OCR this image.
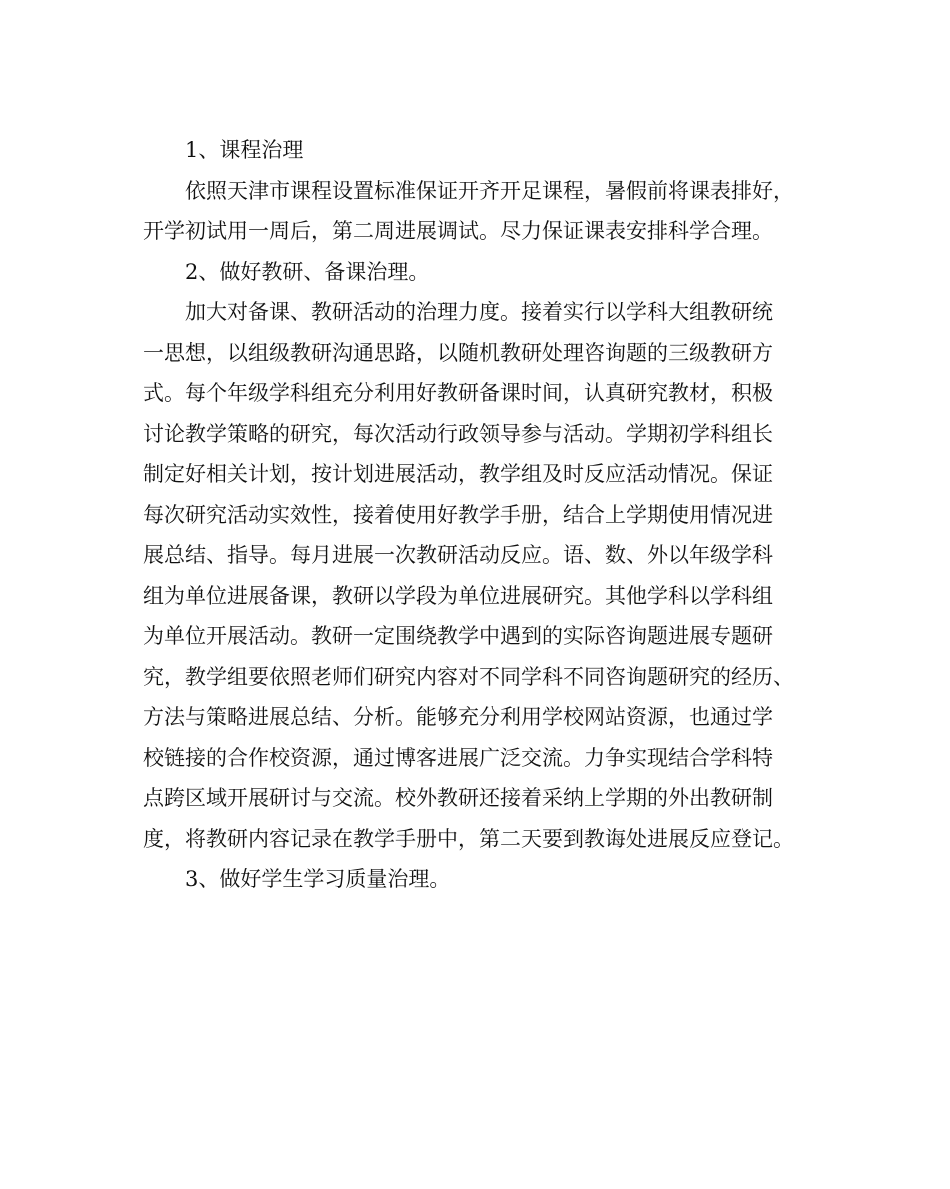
1、课程治理

依照天津市课程设置标准保证开齐开足课程，暑假前将课表排好，
开学初试用一周后，第二周进展调试。尽力保证课表安排科学合理。

2、做好教研、备课治理。

加大对备课、教研活动的治理力度。接着实行以学科大组教研统
一思想，以组级教研沟通思路，以随机教研处理咨询题的三级教研方
式。每个年级学科组充分利用好教研备课时间，认真研究教材，积极
讨论教学策略的研究，每次活动行政领导参与活动。学期初学科组长
制定好相关计划，按计划进展活动，教学组及时反应活动情况。保证
每次研究活动实效性，接着使用好教学手册，结合上学期使用情况进
展总结、指导。每月进展一次教研活动反应。语、数、外以年级学科
组为单位进展备课，教研以学段为单位进展研究。其他学科以学科组
为单位开展活动。教研一定围绕教学中遇到的实际咨询题进展专题研
究，教学组要依照老师们研究内容对不同学科不同咨询题研究的经历、
方法与策略进展总结、分析。能够充分利用学校网站资源，也通过学
校链接的合作校资源，通过博客进展广泛交流。力争实现结合学科特
点跨区域开展研讨与交流。校外教研还接着采纳上学期的外出教研制
度，将教研内容记录在教学手册中，第二天要到教诲处进展反应登记。

3、做好学生学习质量治理。
